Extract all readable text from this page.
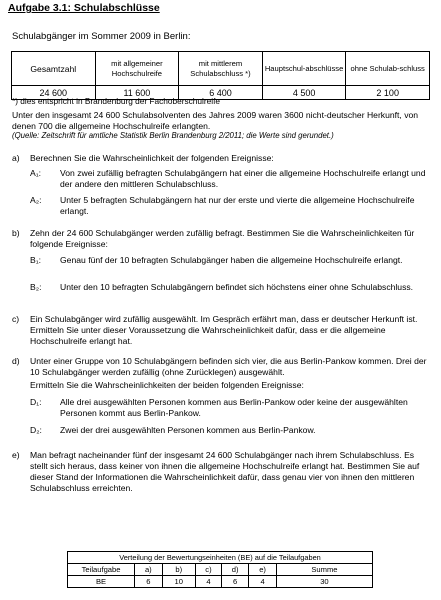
Aufgabe 3.1: Schulabschlüsse
Schulabgänger im Sommer 2009 in Berlin:
Gesamtzahl	mit allgemeiner Hochschulreife	mit mittlerem Schulabschluss *)	Hauptschul-abschlüsse	ohne Schulab-schluss
24 600	11 600	6 400	4 500	2 100
*) dies entspricht in Brandenburg der Fachoberschulreife
Unter den insgesamt 24 600 Schulabsolventen des Jahres 2009 waren 3600 nicht-deutscher Herkunft, von denen 700 die allgemeine Hochschulreife erlangten.
(Quelle: Zeitschrift für amtliche Statistik Berlin Brandenburg 2/2011; die Werte sind gerundet.)
a) Berechnen Sie die Wahrscheinlichkeit der folgenden Ereignisse:
A₁: Von zwei zufällig befragten Schulabgängern hat einer die allgemeine Hochschulreife erlangt und der andere den mittleren Schulabschluss.
A₂: Unter 5 befragten Schulabgängern hat nur der erste und vierte die allgemeine Hochschulreife erlangt.
b) Zehn der 24 600 Schulabgänger werden zufällig befragt. Bestimmen Sie die Wahrscheinlichkeiten für folgende Ereignisse:
B₁: Genau fünf der 10 befragten Schulabgänger haben die allgemeine Hochschulreife erlangt.
B₂: Unter den 10 befragten Schulabgängern befindet sich höchstens einer ohne Schulabschluss.
c) Ein Schulabgänger wird zufällig ausgewählt. Im Gespräch erfährt man, dass er deutscher Herkunft ist. Ermitteln Sie unter dieser Voraussetzung die Wahrscheinlichkeit dafür, dass er die allgemeine Hochschulreife erlangt hat.
d) Unter einer Gruppe von 10 Schulabgängern befinden sich vier, die aus Berlin-Pankow kommen. Drei der 10 Schulabgänger werden zufällig (ohne Zurücklegen) ausgewählt.
Ermitteln Sie die Wahrscheinlichkeiten der beiden folgenden Ereignisse:
D₁: Alle drei ausgewählten Personen kommen aus Berlin-Pankow oder keine der ausgewählten Personen kommt aus Berlin-Pankow.
D₂: Zwei der drei ausgewählten Personen kommen aus Berlin-Pankow.
e) Man befragt nacheinander fünf der insgesamt 24 600 Schulabgänger nach ihrem Schulabschluss. Es stellt sich heraus, dass keiner von ihnen die allgemeine Hochschulreife erlangt hat. Bestimmen Sie auf dieser Stand der Informationen die Wahrscheinlichkeit dafür, dass genau vier von ihnen den mittleren Schulabschluss erreichten.
Verteilung der Bewertungseinheiten (BE) auf die Teilaufgaben						
Teilaufgabe	a)	b)	c)	d)	e)	Summe
BE	6	10	4	6	4	30
